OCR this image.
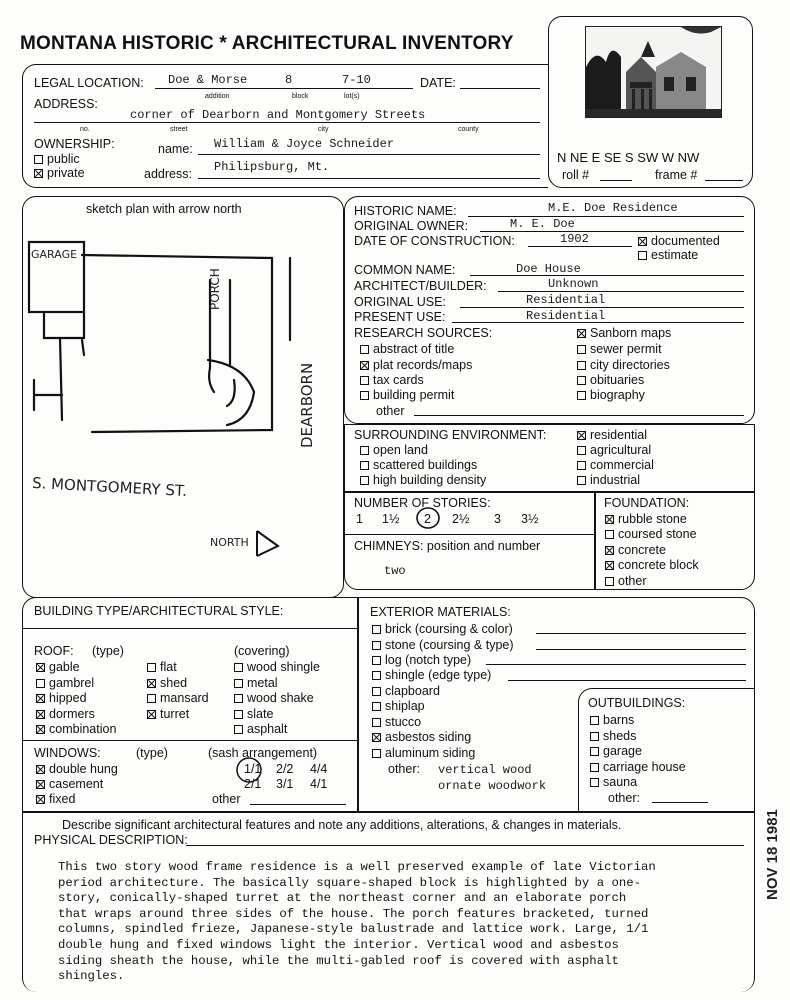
MONTANA HISTORIC * ARCHITECTURAL INVENTORY
LEGAL LOCATION: Doe & Morse	8	7-10	DATE:
addition	block	lot(s)
ADDRESS:
corner of Dearborn and Montgomery Streets
no.	street	city	county
OWNERSHIP:
public
private
name: William & Joyce Schneider
address: Philipsburg, Mt.
N NE E SE S SW W NW
roll #	frame #
sketch plan with arrow north
GARAGE
PORCH
DEARBORN
S. MONTGOMERY ST.
NORTH
HISTORIC NAME:	M.E. Doe Residence
ORIGINAL OWNER:	M. E. Doe
DATE OF CONSTRUCTION:	1902	documented
estimate
COMMON NAME:	Doe House
ARCHITECT/BUILDER:	Unknown
ORIGINAL USE:	Residential
PRESENT USE:	Residential
RESEARCH SOURCES:
abstract of title
plat records/maps
tax cards
building permit
Sanborn maps
sewer permit
city directories
obituaries
biography
other
SURROUNDING ENVIRONMENT:	residential
open land	agricultural
scattered buildings	commercial
high building density	industrial
NUMBER OF STORIES:
1 1½ 2 2½ 3 3½
CHIMNEYS: position and number
two
FOUNDATION:
rubble stone
coursed stone
concrete
concrete block
other
BUILDING TYPE/ARCHITECTURAL STYLE:
ROOF: (type)	(covering)
gable
gambrel
hipped
dormers
combination
flat
shed
mansard
turret
wood shingle
metal
wood shake
slate
asphalt
WINDOWS:	(type)	(sash arrangement)
double hung
casement
fixed
1/1 2/2 4/4
2/1 3/1 4/1
other
EXTERIOR MATERIALS:
brick (coursing & color)
stone (coursing & type)
log (notch type)
shingle (edge type)
clapboard
shiplap
stucco
asbestos siding
aluminum siding
other: vertical wood
ornate woodwork
OUTBUILDINGS:
barns
sheds
garage
carriage house
sauna
other:
Describe significant architectural features and note any additions, alterations, & changes in materials.
PHYSICAL DESCRIPTION:
This two story wood frame residence is a well preserved example of late Victorian
period architecture. The basically square-shaped block is highlighted by a one-
story, conically-shaped turret at the northeast corner and an elaborate porch
that wraps around three sides of the house. The porch features bracketed, turned
columns, spindled frieze, Japanese-style balustrade and lattice work. Large, 1/1
double hung and fixed windows light the interior. Vertical wood and asbestos
siding sheath the house, while the multi-gabled roof is covered with asphalt
shingles.
NOV 18 1981
